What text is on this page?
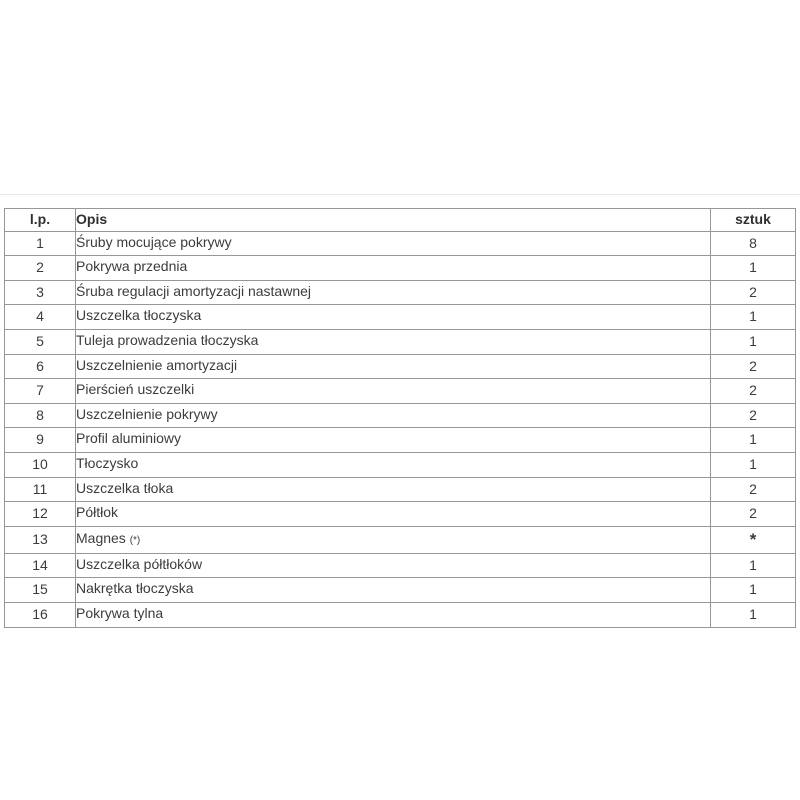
l.p.	Opis	sztuk
1	Śruby mocujące pokrywy	8
2	Pokrywa przednia	1
3	Śruba regulacji amortyzacji nastawnej	2
4	Uszczelka tłoczyska	1
5	Tuleja prowadzenia tłoczyska	1
6	Uszczelnienie amortyzacji	2
7	Pierścień uszczelki	2
8	Uszczelnienie pokrywy	2
9	Profil aluminiowy	1
10	Tłoczysko	1
11	Uszczelka tłoka	2
12	Półtłok	2
13	Magnes (*)	*
14	Uszczelka półtłoków	1
15	Nakrętka tłoczyska	1
16	Pokrywa tylna	1
